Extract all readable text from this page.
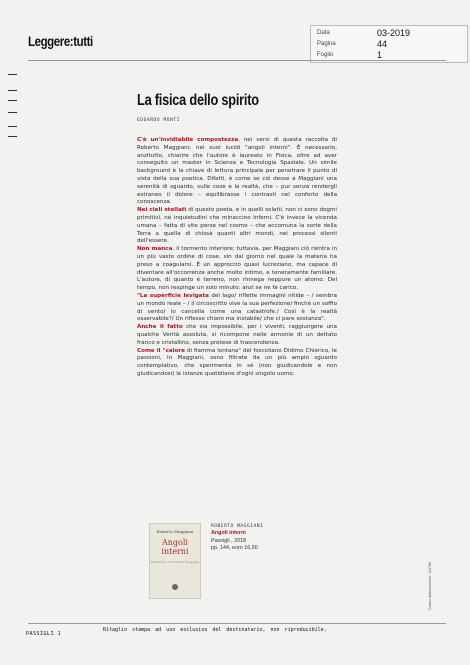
Leggere:tutti	Data	03-2019
Pagina	44
Foglio	1
La fisica dello spirito
EDOARDO MONTI

C'è un'invidiabile compostezza, nei versi di questa raccolta di Roberto Maggiani; nei suoi lucidi "angoli interni". È necessario, anzitutto, chiarire che l'autore è laureato in Fisica, oltre ad aver conseguito un master in Scienza e Tecnologia Spaziale. Un simile background è la chiave di lettura principale per penetrare il punto di vista della sua poetica. Difatti, è come se ciò desse a Maggiani una serenità di sguardo, sulle cose e la realtà, che – pur senza rendergli estraneo il dolore – equilibrasse i contrasti nel conforto della conoscenza.

Nei cieli stellati di questo poeta, e in quelli solatii, non ci sono dogmi primitivi, né inquietudini che minaccino Inferni. C'è invece la vicenda umana – fatta di vite perse nel cosmo – che accomuna la sorte della Terra a quella di chissà quanti altri mondi, nei processi silenti dell'essere.

Non manca, il tormento interiore; tuttavia, per Maggiani ciò rientra in un più vasto ordine di cose, sin dal giorno nel quale la materia ha preso a coagularsi. È un approccio quasi lucreziano, ma capace di diventare all'occorrenza anche molto intimo, e teneramente familiare. L'autore, di quanto è terreno, non rinnega neppure un atomo. Del tempo, non respinge un solo minuto: anzi se ne fa carico.

"La superficie levigata del lago/ riflette immagini nitide – / sembra un mondo reale – / il circoscritto vive la sua perfezione/ finché un soffio di vento/ lo cancella come una catastrofe./ Così è la realtà osservabile?/ Un riflesso chiaro ma instabile/ che ci pare sostanza".

Anche il fatto che sia impossibile, per i viventi, raggiungere una qualche Verità assoluta, si ricompone nelle armonie di un dettato franco e cristallino, senza pretese di trascendenza.

Come il "calore di fiamma lontana" del foscoliano Didimo Chierico, le passioni, in Maggiani, sono filtrate da un più ampio sguardo contemplativo, che sperimenta in sé (non giudicandole e non giudicandosi) le istanze quotidiane d'ogni singolo uomo.

Roberto Maggiani
Angoli interni
Prefazione di Roberto Maggiani
ROBERTO MAGGIANI
Angoli interni
Passigli , 2018
pp. 144, euro 16,50
Codice abbonamento: 124786
Ritaglio stampa ad uso esclusivo del destinatario, non riproducibile.
PASSIGLI 1
